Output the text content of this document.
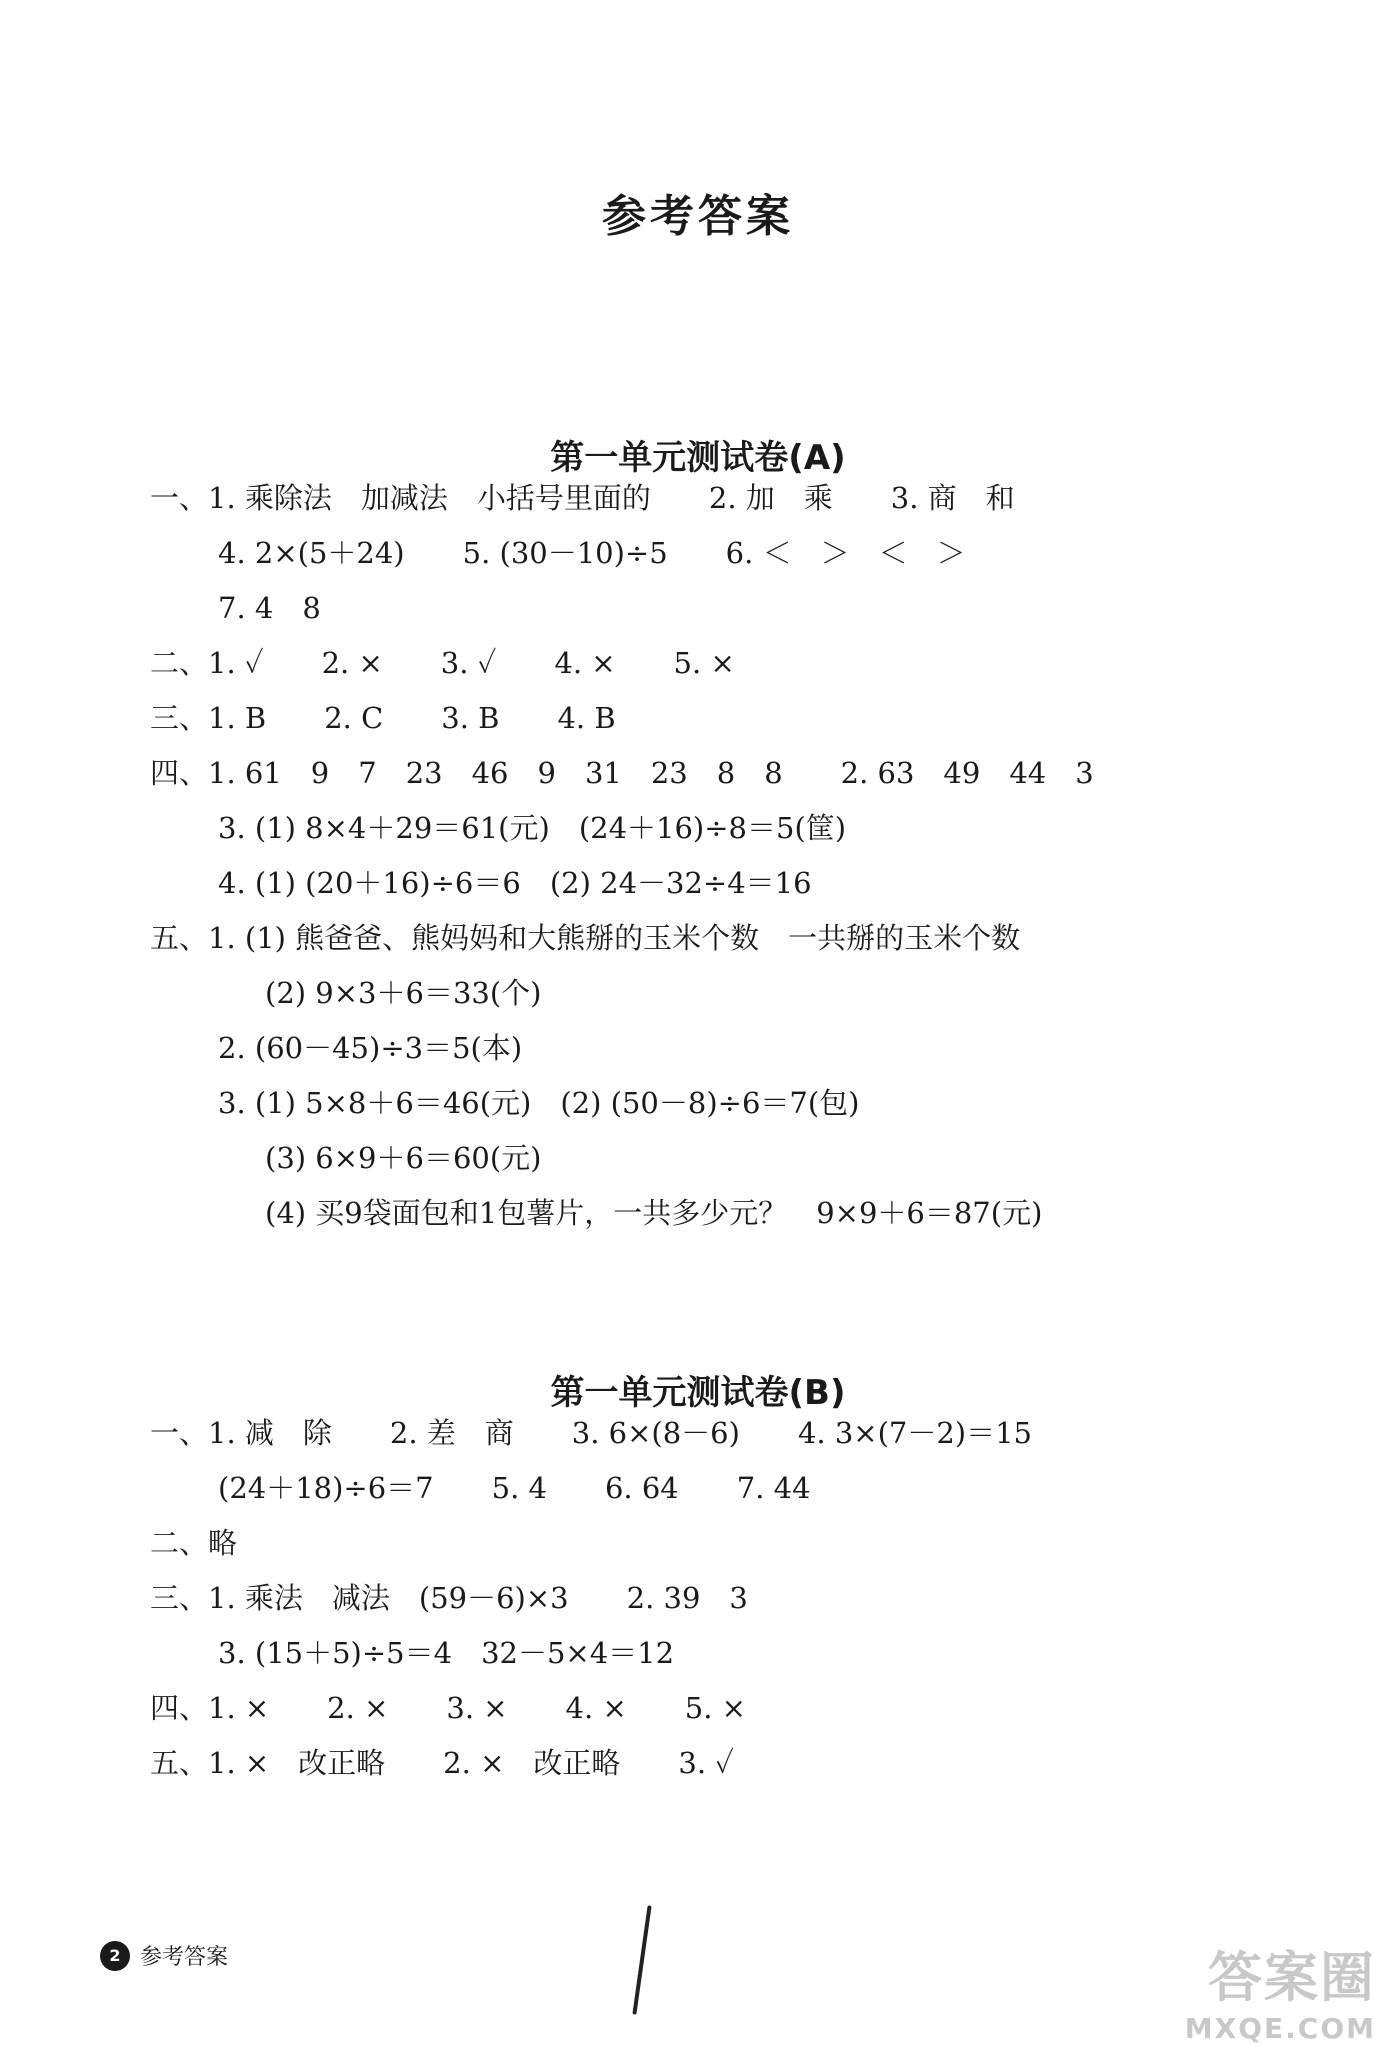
参考答案
第一单元测试卷(A)
一、1. 乘除法　加减法　小括号里面的　　2. 加　乘　　3. 商　和
4. 2×(5＋24)　　5. (30－10)÷5　　6. ＜　＞　＜　＞
7. 4　8
二、1. ✓　　2. ×　　3. ✓　　4. ×　　5. ×
三、1. B　　2. C　　3. B　　4. B
四、1. 61　9　7　23　46　9　31　23　8　8　　2. 63　49　44　3
3. (1) 8×4＋29＝61(元)　(24＋16)÷8＝5(筐)
4. (1) (20＋16)÷6＝6　(2) 24－32÷4＝16
五、1. (1) 熊爸爸、熊妈妈和大熊掰的玉米个数　一共掰的玉米个数
(2) 9×3＋6＝33(个)
2. (60－45)÷3＝5(本)
3. (1) 5×8＋6＝46(元)　(2) (50－8)÷6＝7(包)
(3) 6×9＋6＝60(元)
(4) 买9袋面包和1包薯片，一共多少元？　9×9＋6＝87(元)
第一单元测试卷(B)
一、1. 减　除　　2. 差　商　　3. 6×(8－6)　　4. 3×(7－2)＝15
(24＋18)÷6＝7　　5. 4　　6. 64　　7. 44
二、略
三、1. 乘法　减法　(59－6)×3　　2. 39　3
3. (15＋5)÷5＝4　32－5×4＝12
四、1. ×　　2. ×　　3. ×　　4. ×　　5. ×
五、1. ×　改正略　　2. ×　改正略　　3. ✓
2 参考答案	答案圈
MXQE.COM
